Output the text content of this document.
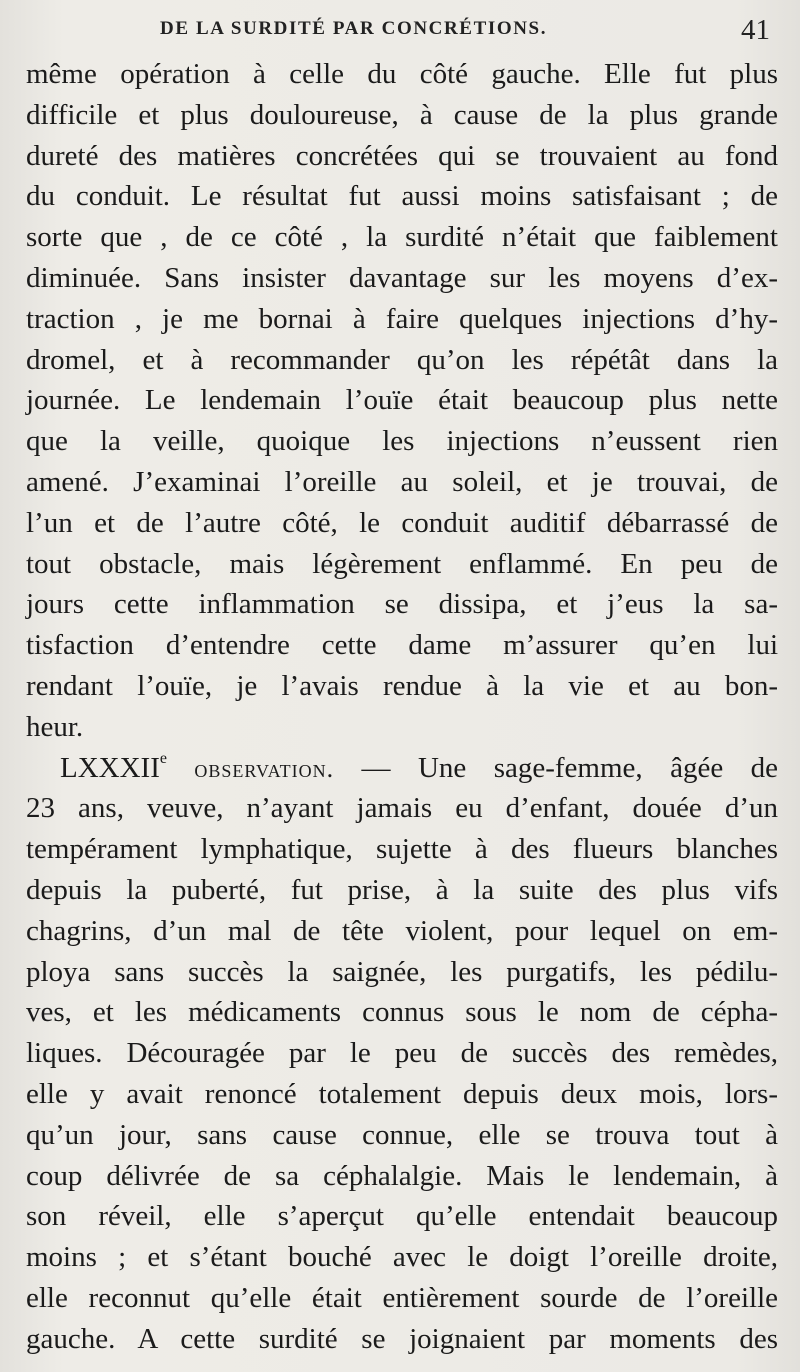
DE LA SURDITÉ PAR CONCRÉTIONS.	41
même opération à celle du côté gauche. Elle fut plus
difficile et plus douloureuse, à cause de la plus grande
dureté des matières concrétées qui se trouvaient au fond
du conduit. Le résultat fut aussi moins satisfaisant ; de
sorte que , de ce côté , la surdité n’était que faiblement
diminuée. Sans insister davantage sur les moyens d’ex-
traction , je me bornai à faire quelques injections d’hy-
dromel, et à recommander qu’on les répétât dans la
journée. Le lendemain l’ouïe était beaucoup plus nette
que la veille, quoique les injections n’eussent rien
amené. J’examinai l’oreille au soleil, et je trouvai, de
l’un et de l’autre côté, le conduit auditif débarrassé de
tout obstacle, mais légèrement enflammé. En peu de
jours cette inflammation se dissipa, et j’eus la sa-
tisfaction d’entendre cette dame m’assurer qu’en lui
rendant l’ouïe, je l’avais rendue à la vie et au bon-
heur.
LXXXIIe observation. — Une sage-femme, âgée de
23 ans, veuve, n’ayant jamais eu d’enfant, douée d’un
tempérament lymphatique, sujette à des flueurs blanches
depuis la puberté, fut prise, à la suite des plus vifs
chagrins, d’un mal de tête violent, pour lequel on em-
ploya sans succès la saignée, les purgatifs, les pédilu-
ves, et les médicaments connus sous le nom de cépha-
liques. Découragée par le peu de succès des remèdes,
elle y avait renoncé totalement depuis deux mois, lors-
qu’un jour, sans cause connue, elle se trouva tout à
coup délivrée de sa céphalalgie. Mais le lendemain, à
son réveil, elle s’aperçut qu’elle entendait beaucoup
moins ; et s’étant bouché avec le doigt l’oreille droite,
elle reconnut qu’elle était entièrement sourde de l’oreille
gauche. A cette surdité se joignaient par moments des
